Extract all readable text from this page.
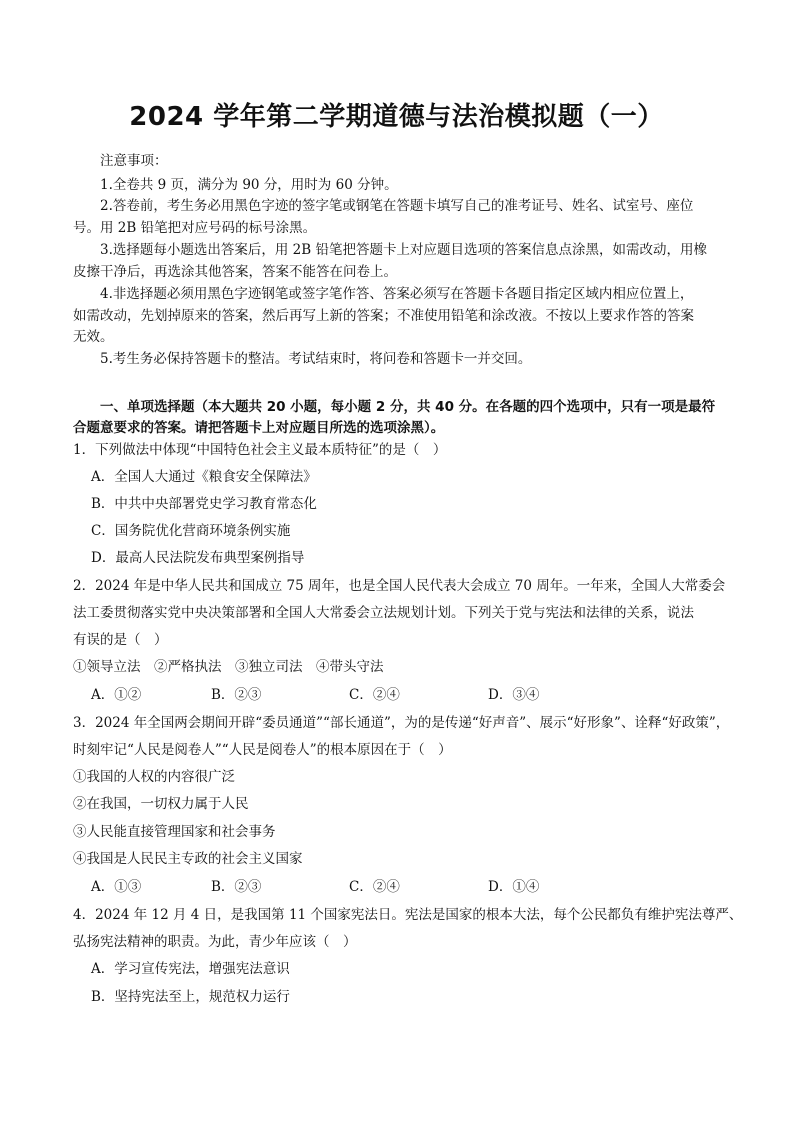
2024 学年第二学期道德与法治模拟题（一）
注意事项：
1.全卷共 9 页，满分为 90 分，用时为 60 分钟。
2.答卷前，考生务必用黑色字迹的签字笔或钢笔在答题卡填写自己的准考证号、姓名、试室号、座位
号。用 2B 铅笔把对应号码的标号涂黑。
3.选择题每小题选出答案后，用 2B 铅笔把答题卡上对应题目选项的答案信息点涂黑，如需改动，用橡
皮擦干净后，再选涂其他答案，答案不能答在问卷上。
4.非选择题必须用黑色字迹钢笔或签字笔作答、答案必须写在答题卡各题目指定区域内相应位置上，
如需改动，先划掉原来的答案，然后再写上新的答案；不准使用铅笔和涂改液。不按以上要求作答的答案
无效。
5.考生务必保持答题卡的整洁。考试结束时，将问卷和答题卡一并交回。
一、单项选择题（本大题共 20 小题，每小题 2 分，共 40 分。在各题的四个选项中，只有一项是最符
合题意要求的答案。请把答题卡上对应题目所选的选项涂黑）。
1．下列做法中体现“中国特色社会主义最本质特征”的是（　）
A．全国人大通过《粮食安全保障法》
B．中共中央部署党史学习教育常态化
C．国务院优化营商环境条例实施
D．最高人民法院发布典型案例指导
2．2024 年是中华人民共和国成立 75 周年，也是全国人民代表大会成立 70 周年。一年来，全国人大常委会
法工委贯彻落实党中央决策部署和全国人大常委会立法规划计划。下列关于党与宪法和法律的关系，说法
有误的是（　）
①领导立法　②严格执法　③独立司法　④带头守法
A．①②	B．②③	C．②④	D．③④
3．2024 年全国两会期间开辟“委员通道”“部长通道”，为的是传递“好声音”、展示“好形象”、诠释“好政策”，
时刻牢记“人民是阅卷人”“人民是阅卷人”的根本原因在于（　）
①我国的人权的内容很广泛
②在我国，一切权力属于人民
③人民能直接管理国家和社会事务
④我国是人民民主专政的社会主义国家
A．①③	B．②③	C．②④	D．①④
4．2024 年 12 月 4 日，是我国第 11 个国家宪法日。宪法是国家的根本大法，每个公民都负有维护宪法尊严、
弘扬宪法精神的职责。为此，青少年应该（　）
A．学习宣传宪法，增强宪法意识
B．坚持宪法至上，规范权力运行
